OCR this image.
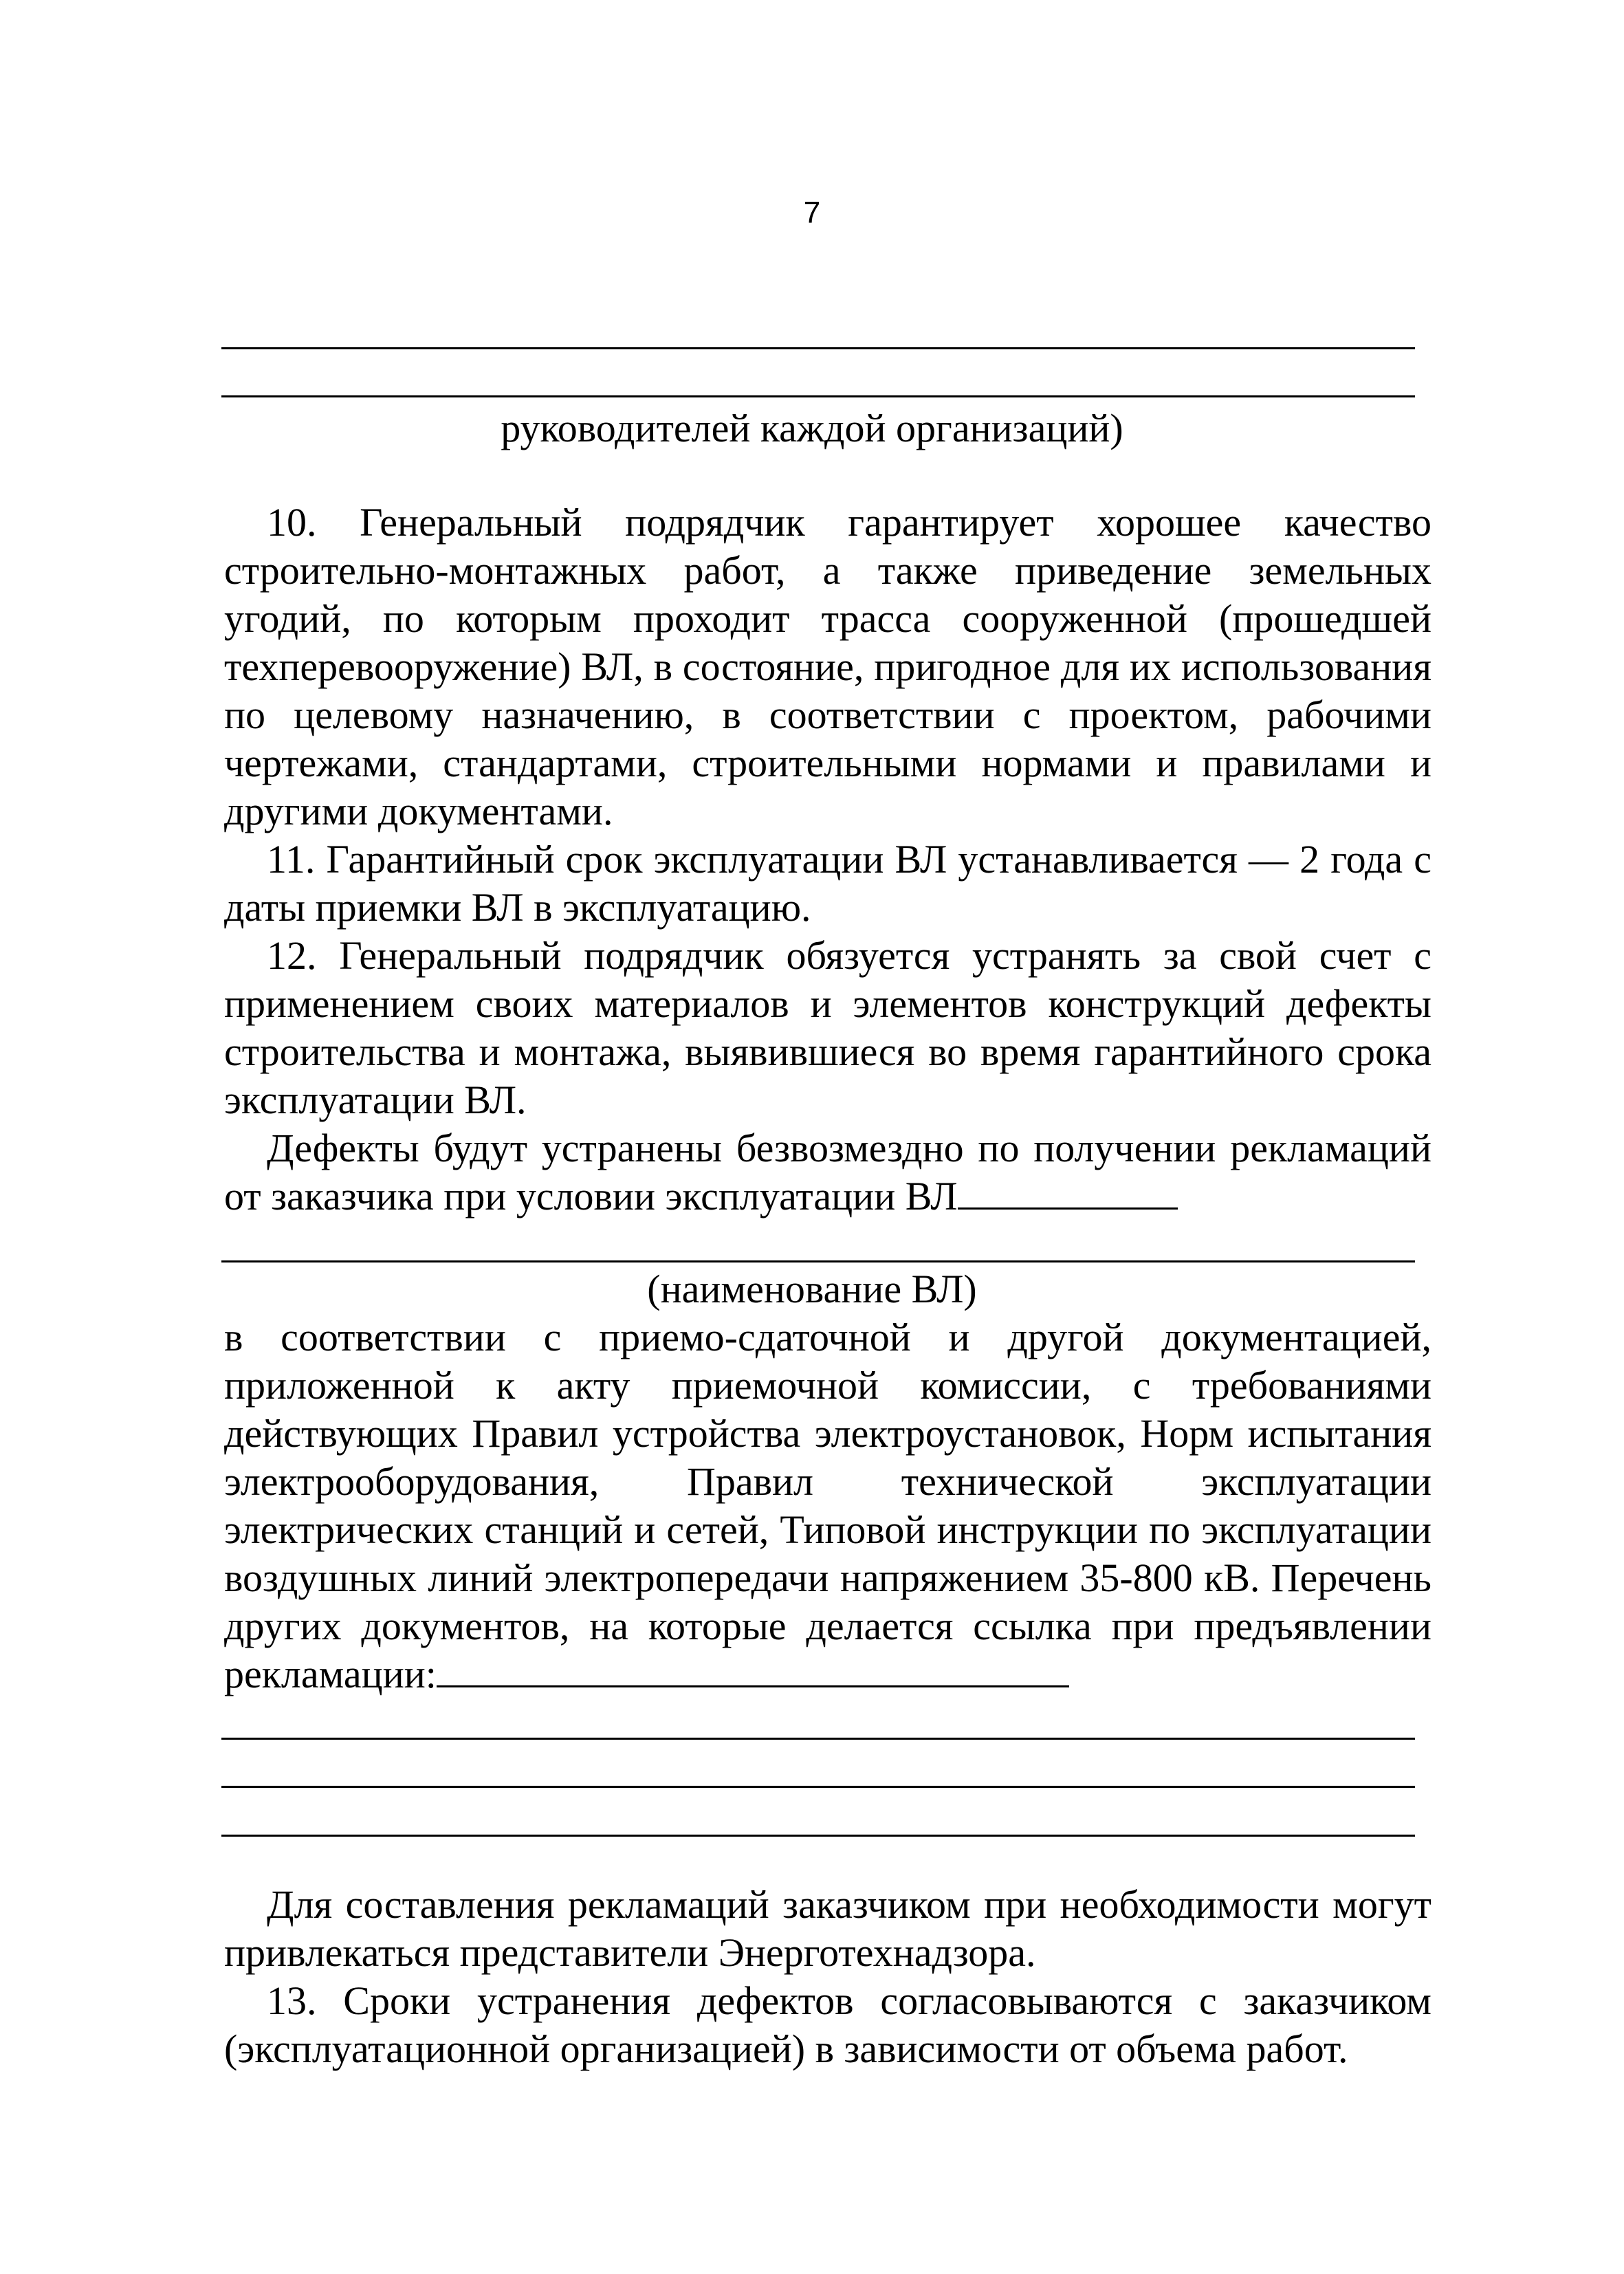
7
руководителей каждой организаций)

10. Генеральный подрядчик гарантирует хорошее качество строительно-монтажных работ, а также приведение земельных угодий, по которым проходит трасса сооруженной (прошедшей техперевооружение) ВЛ, в состояние, пригодное для их использования по целевому назначению, в соответствии с проектом, рабочими чертежами, стандартами, строительными нормами и правилами и другими документами.

11. Гарантийный срок эксплуатации ВЛ устанавливается — 2 года с даты приемки ВЛ в эксплуатацию.

12. Генеральный подрядчик обязуется устранять за свой счет с применением своих материалов и элементов конструкций дефекты строительства и монтажа, выявившиеся во время гарантийного срока эксплуатации ВЛ.

Дефекты будут устранены безвозмездно по получении рекламаций от заказчика при условии эксплуатации ВЛ

(наименование ВЛ)

в соответствии с приемо-сдаточной и другой документацией, приложенной к акту приемочной комиссии, с требованиями действующих Правил устройства электроустановок, Норм испытания электрооборудования, Правил технической эксплуатации электрических станций и сетей, Типовой инструкции по эксплуатации воздушных линий электропередачи напряжением 35-800 кВ. Перечень других документов, на которые делается ссылка при предъявлении рекламации:

Для составления рекламаций заказчиком при необходимости могут привлекаться представители Энерготехнадзора.

13. Сроки устранения дефектов согласовываются с заказчиком (эксплуатационной организацией) в зависимости от объема работ.
